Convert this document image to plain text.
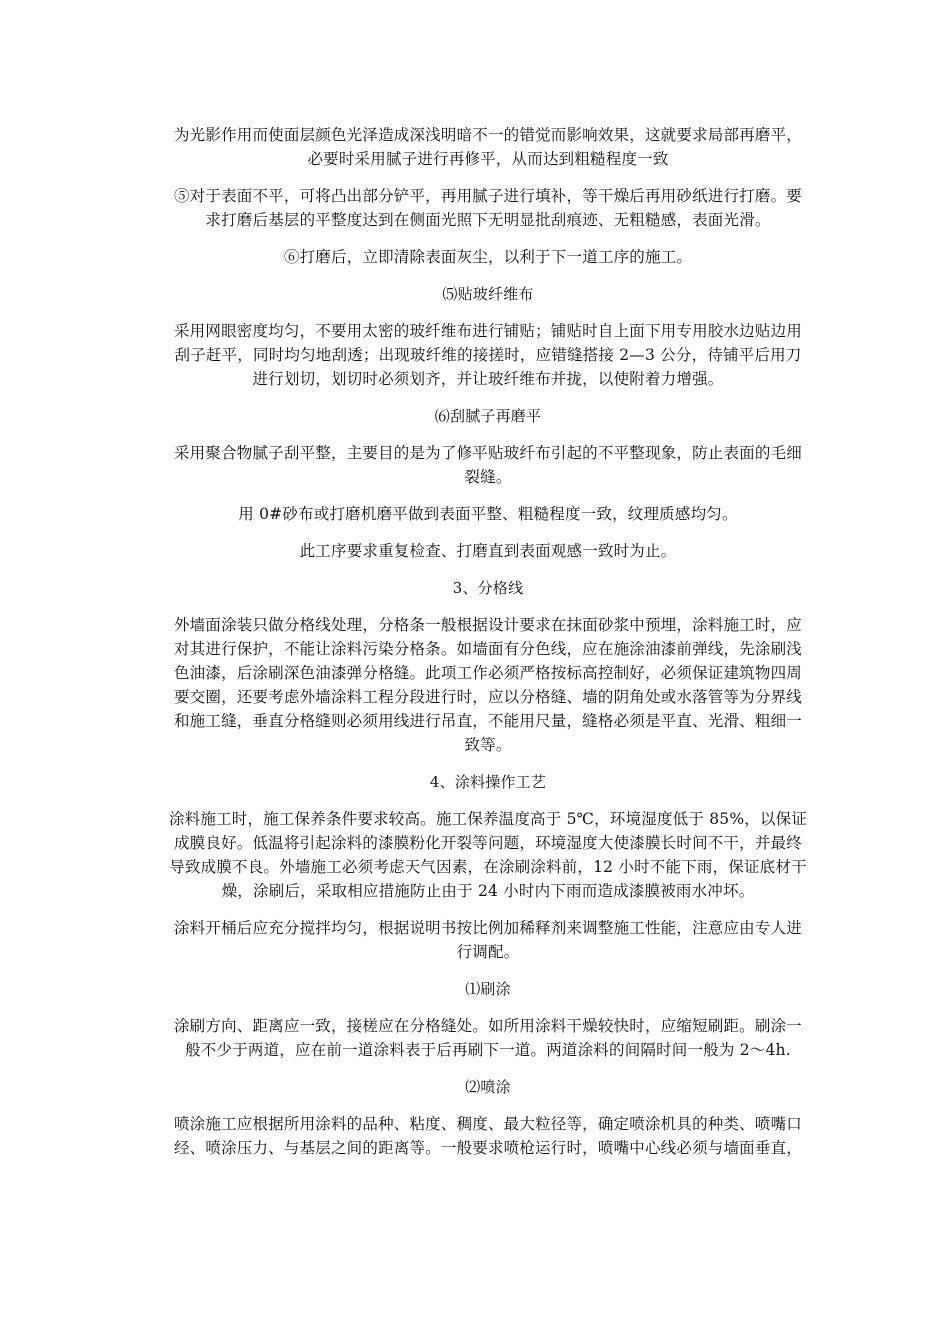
为光影作用而使面层颜色光泽造成深浅明暗不一的错觉而影响效果，这就要求局部再磨平，必要时采用腻子进行再修平，从而达到粗糙程度一致

⑤对于表面不平，可将凸出部分铲平，再用腻子进行填补，等干燥后再用砂纸进行打磨。要求打磨后基层的平整度达到在侧面光照下无明显批刮痕迹、无粗糙感，表面光滑。

⑥打磨后，立即清除表面灰尘，以利于下一道工序的施工。

⑸贴玻纤维布

采用网眼密度均匀，不要用太密的玻纤维布进行铺贴；铺贴时自上面下用专用胶水边贴边用刮子赶平，同时均匀地刮透；出现玻纤维的接搓时，应错缝搭接 2—3 公分，待铺平后用刀进行划切，划切时必须划齐，并让玻纤维布并拢，以使附着力增强。

⑹刮腻子再磨平

采用聚合物腻子刮平整，主要目的是为了修平贴玻纤布引起的不平整现象，防止表面的毛细裂缝。

用 0#砂布或打磨机磨平做到表面平整、粗糙程度一致，纹理质感均匀。

此工序要求重复检查、打磨直到表面观感一致时为止。

3、分格线

外墙面涂装只做分格线处理，分格条一般根据设计要求在抹面砂浆中预埋，涂料施工时，应对其进行保护，不能让涂料污染分格条。如墙面有分色线，应在施涂油漆前弹线，先涂刷浅色油漆，后涂刷深色油漆弹分格缝。此项工作必须严格按标高控制好，必须保证建筑物四周要交圈，还要考虑外墙涂料工程分段进行时，应以分格缝、墙的阴角处或水落管等为分界线和施工缝，垂直分格缝则必须用线进行吊直，不能用尺量，缝格必须是平直、光滑、粗细一致等。

4、涂料操作工艺

涂料施工时，施工保养条件要求较高。施工保养温度高于 5℃，环境湿度低于 85%，以保证成膜良好。低温将引起涂料的漆膜粉化开裂等问题，环境湿度大使漆膜长时间不干，并最终导致成膜不良。外墙施工必须考虑天气因素，在涂刷涂料前，12 小时不能下雨，保证底材干燥，涂刷后，采取相应措施防止由于 24 小时内下雨而造成漆膜被雨水冲坏。

涂料开桶后应充分搅拌均匀，根据说明书按比例加稀释剂来调整施工性能，注意应由专人进行调配。

⑴刷涂

涂刷方向、距离应一致，接槎应在分格缝处。如所用涂料干燥较快时，应缩短刷距。刷涂一般不少于两道，应在前一道涂料表于后再刷下一道。两道涂料的间隔时间一般为 2～4h.

⑵喷涂

喷涂施工应根据所用涂料的品种、粘度、稠度、最大粒径等，确定喷涂机具的种类、喷嘴口经、喷涂压力、与基层之间的距离等。一般要求喷枪运行时，喷嘴中心线必须与墙面垂直，
